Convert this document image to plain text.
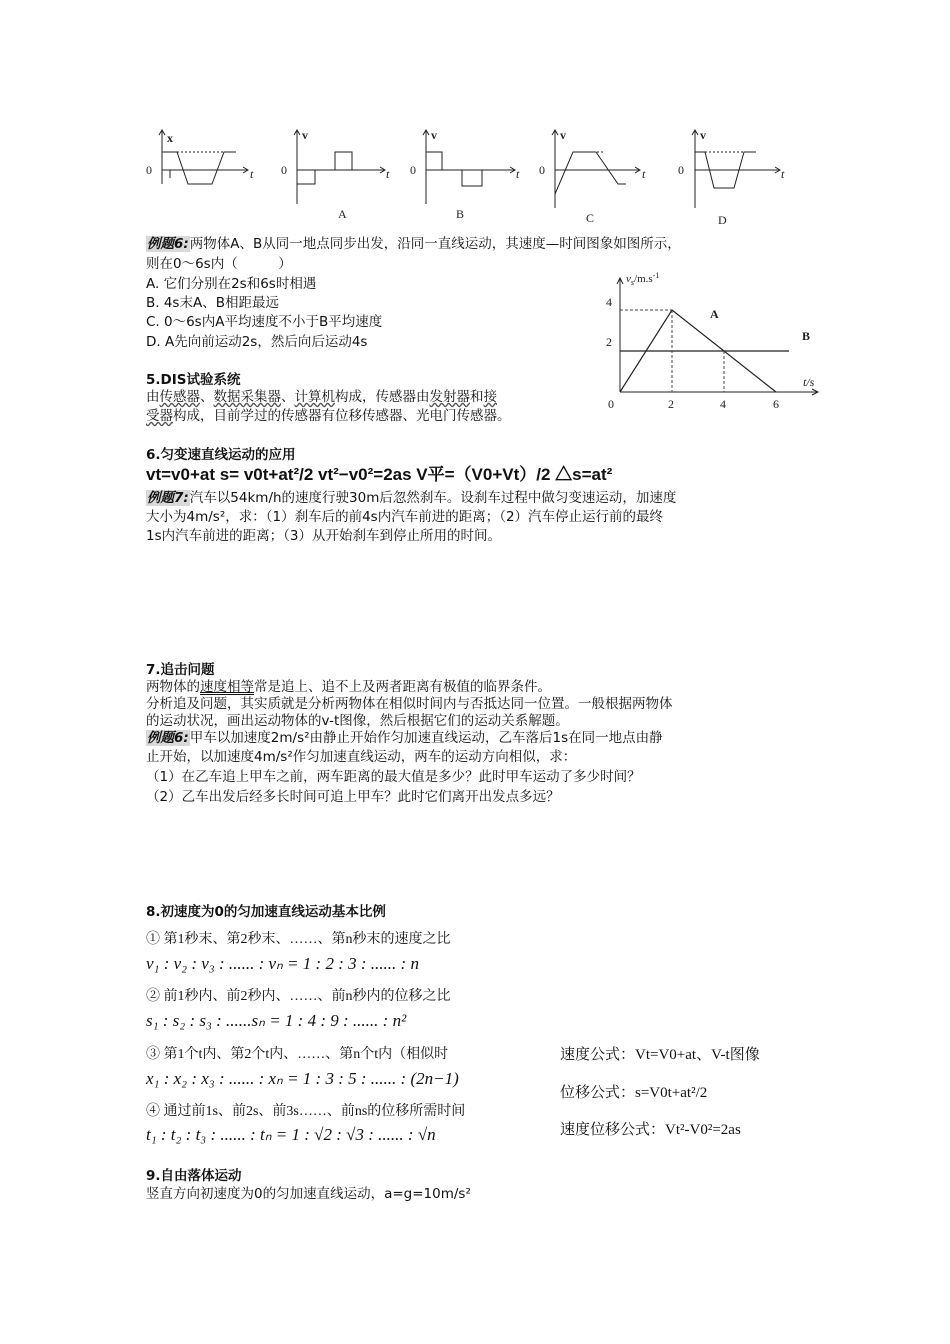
x
0	t
v
0	t
A
v
0	t
B
v
0	t
C
v
0	t
D
例题6:两物体A、B从同一地点同步出发，沿同一直线运动，其速度—时间图象如图所示，
则在0～6s内（　　　）
A. 它们分别在2s和6s时相遇
B. 4s末A、B相距最远
C. 0～6s内A平均速度不小于B平均速度
D. A先向前运动2s，然后向后运动4s
$v_s/m.s^{-1}$
t/s
4
2
0	2	4	6
A
B
5.DIS试验系统
由传感器、数据采集器、计算机构成，传感器由发射器和接
受器构成，目前学过的传感器有位移传感器、光电门传感器。
6.匀变速直线运动的应用
vt=v0+at s= v0t+at²/2 vt²−v0²=2as V平=（V0+Vt）/2 △s=at²
例题7:汽车以54km/h的速度行驶30m后忽然刹车。设刹车过程中做匀变速运动，加速度
大小为4m/s²，求：（1）刹车后的前4s内汽车前进的距离；（2）汽车停止运行前的最终
1s内汽车前进的距离；（3）从开始刹车到停止所用的时间。
7.追击问题
两物体的速度相等常是追上、追不上及两者距离有极值的临界条件。
分析追及问题，其实质就是分析两物体在相似时间内与否抵达同一位置。一般根据两物体
的运动状况，画出运动物体的v-t图像，然后根据它们的运动关系解题。
例题6:甲车以加速度2m/s²由静止开始作匀加速直线运动，乙车落后1s在同一地点由静
止开始，以加速度4m/s²作匀加速直线运动，两车的运动方向相似，求：
（1）在乙车追上甲车之前，两车距离的最大值是多少？此时甲车运动了多少时间？
（2）乙车出发后经多长时间可追上甲车？此时它们离开出发点多远？
8.初速度为0的匀加速直线运动基本比例
① 第1秒末、第2秒末、……、第n秒末的速度之比
v₁ : v₂ : v₃ : ...... : vₙ = 1 : 2 : 3 : ...... : n
② 前1秒内、前2秒内、……、前n秒内的位移之比
s₁ : s₂ : s₃ : ......sₙ = 1 : 4 : 9 : ...... : n²
③ 第1个t内、第2个t内、……、第n个t内（相似时
x₁ : x₂ : x₃ : ...... : xₙ = 1 : 3 : 5 : ...... : (2n−1)
④ 通过前1s、前2s、前3s……、前ns的位移所需时间
t₁ : t₂ : t₃ : ...... : tₙ = 1 : √2 : √3 : ...... : √n
速度公式：Vt=V0+at、V-t图像
位移公式：s=V0t+at²/2
速度位移公式：Vt²-V0²=2as
9.自由落体运动
竖直方向初速度为0的匀加速直线运动，a=g=10m/s²
